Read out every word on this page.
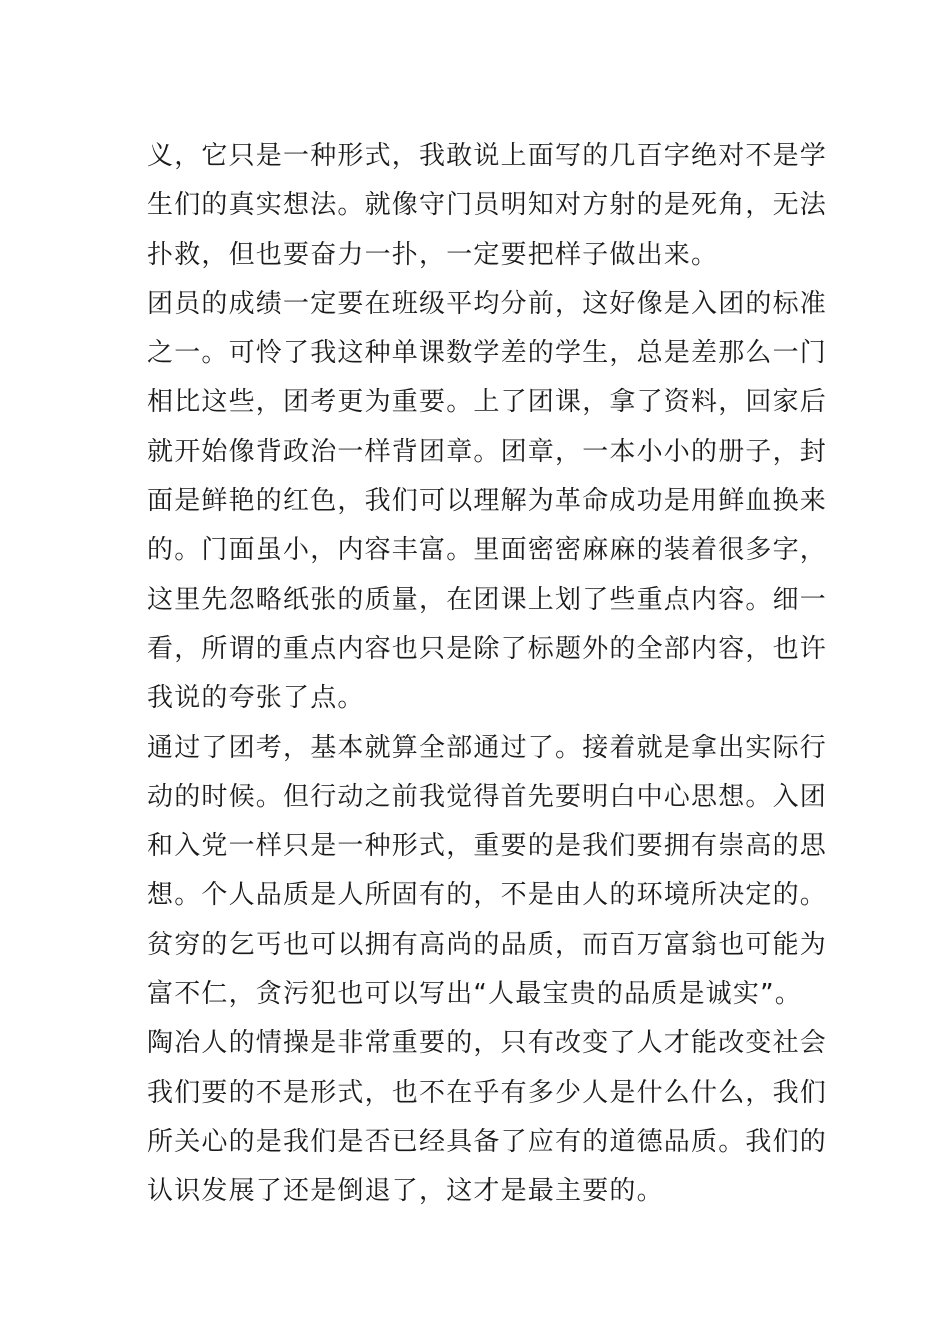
义，它只是一种形式，我敢说上面写的几百字绝对不是学
生们的真实想法。就像守门员明知对方射的是死角，无法
扑救，但也要奋力一扑，一定要把样子做出来。
团员的成绩一定要在班级平均分前，这好像是入团的标准
之一。可怜了我这种单课数学差的学生，总是差那么一门
相比这些，团考更为重要。上了团课，拿了资料，回家后
就开始像背政治一样背团章。团章，一本小小的册子，封
面是鲜艳的红色，我们可以理解为革命成功是用鲜血换来
的。门面虽小，内容丰富。里面密密麻麻的装着很多字，
这里先忽略纸张的质量，在团课上划了些重点内容。细一
看，所谓的重点内容也只是除了标题外的全部内容，也许
我说的夸张了点。
通过了团考，基本就算全部通过了。接着就是拿出实际行
动的时候。但行动之前我觉得首先要明白中心思想。入团
和入党一样只是一种形式，重要的是我们要拥有崇高的思
想。个人品质是人所固有的，不是由人的环境所决定的。
贫穷的乞丐也可以拥有高尚的品质，而百万富翁也可能为
富不仁，贪污犯也可以写出“人最宝贵的品质是诚实”。
陶冶人的情操是非常重要的，只有改变了人才能改变社会
我们要的不是形式，也不在乎有多少人是什么什么，我们
所关心的是我们是否已经具备了应有的道德品质。我们的
认识发展了还是倒退了，这才是最主要的。
